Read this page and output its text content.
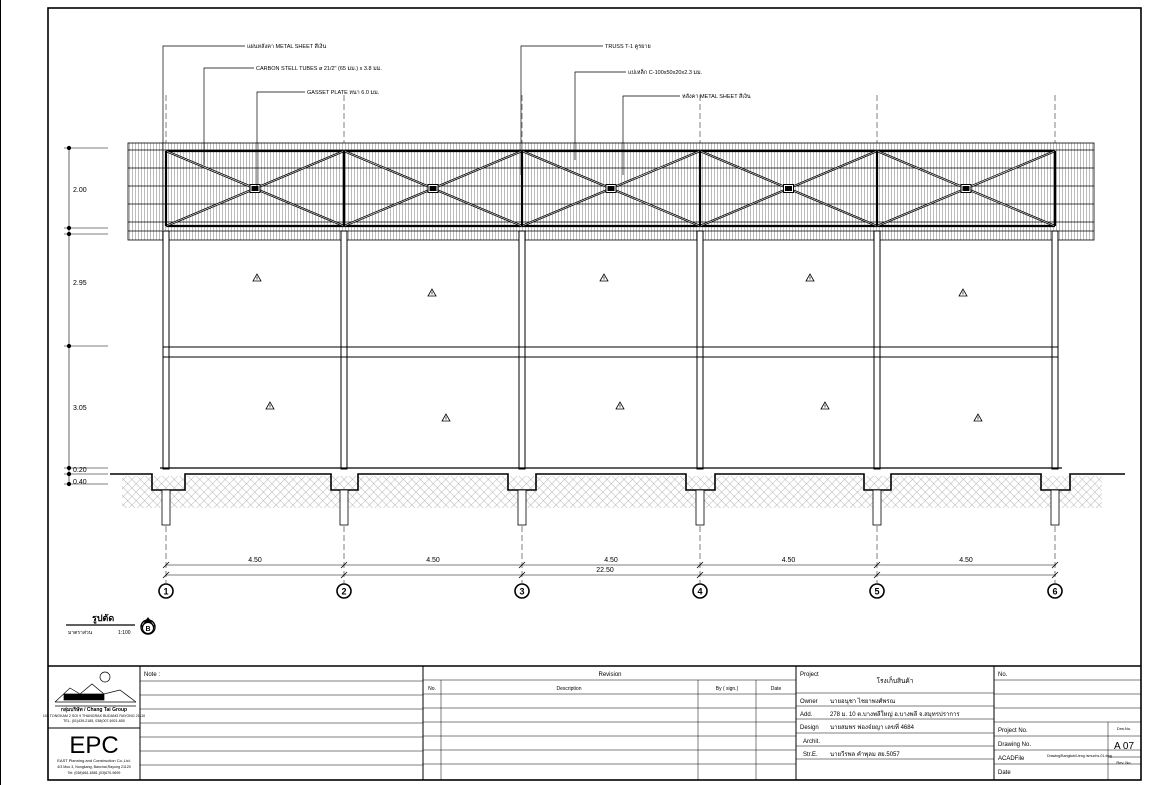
แผ่นหลังคา METAL SHEET สีเงิน
CARBON STELL TUBES ø 21/2" (65 มม.) x 3.8 มม.
GASSET PLATE หนา 6.0 มม.
TRUSS T-1 คูรยาย
แปเหล็ก C-100x50x20x2.3 มม.
หลังคา METAL SHEET สีเงิน
2.00
2.95
3.05
0.20
0.40
4.50	4.50	4.50	4.50	4.50
22.50
1	2	3	4	5	6
รูปตัด
มาตราส่วน	1:100 B
กลุ่มบริษัท / Chang Tai Group
102 TONGKAM 2 SOI 9 THANGRAK BUDANG RAYONG 21110
TEL. (01)439-2185, 038(007-6921-650
EPC
EAST Planning and Construction Co.,Ltd.
4/3 Moo 3, Nongkang, Banchai,Rayong 21120
Tel: (038)661-6581,(03)670-9699
Note :	Revision
No.	Description	By ( sign.)	Date
Project
โรงเก็บสินค้า
Owner นายอนุชา ไชยาพงศ์พรณ
Add.	278 ม. 10 ต.บางพลีใหญ่ อ.บางพลี จ.สมุทรปราการ
Design นายสมพร พ่องจ๋ยญา เลขที่ 4684
Archit.
Str.E. นายวีรพล คำพุลม สย.5057
No.
Project No.
Drawing No.
ACADFile	Drawing/Bangkok/Ueng /smuchs-01.dwg
Date
Drw.No.
A 07
Rev. No.
